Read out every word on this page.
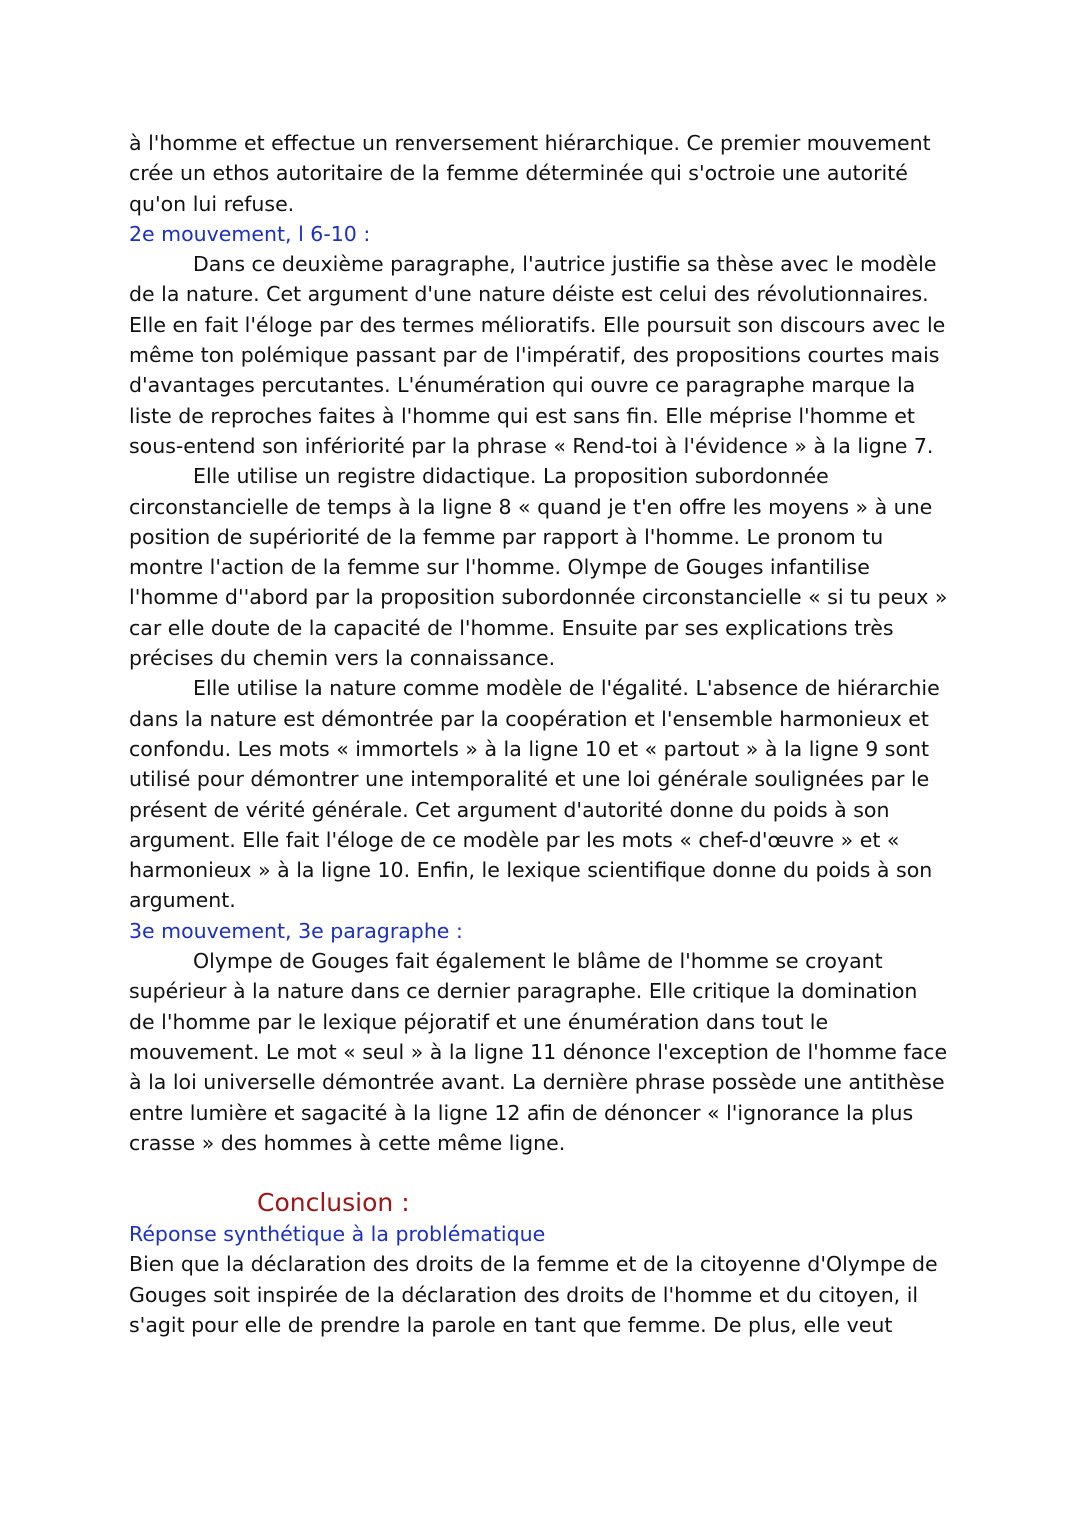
à l'homme et effectue un renversement hiérarchique. Ce premier mouvement crée un ethos autoritaire de la femme déterminée qui s'octroie une autorité qu'on lui refuse.

2e mouvement, l 6-10 :

Dans ce deuxième paragraphe, l'autrice justifie sa thèse avec le modèle de la nature. Cet argument d'une nature déiste est celui des révolutionnaires. Elle en fait l'éloge par des termes mélioratifs. Elle poursuit son discours avec le même ton polémique passant par de l'impératif, des propositions courtes mais d'avantages percutantes. L'énumération qui ouvre ce paragraphe marque la liste de reproches faites à l'homme qui est sans fin. Elle méprise l'homme et sous-entend son infériorité par la phrase « Rend-toi à l'évidence » à la ligne 7.

Elle utilise un registre didactique. La proposition subordonnée circonstancielle de temps à la ligne 8 « quand je t'en offre les moyens » à une position de supériorité de la femme par rapport à l'homme. Le pronom tu montre l'action de la femme sur l'homme. Olympe de Gouges infantilise l'homme d''abord par la proposition subordonnée circonstancielle « si tu peux » car elle doute de la capacité de l'homme. Ensuite par ses explications très précises du chemin vers la connaissance.

Elle utilise la nature comme modèle de l'égalité. L'absence de hiérarchie dans la nature est démontrée par la coopération et l'ensemble harmonieux et confondu. Les mots « immortels » à la ligne 10 et « partout » à la ligne 9 sont utilisé pour démontrer une intemporalité et une loi générale soulignées par le présent de vérité générale. Cet argument d'autorité donne du poids à son argument. Elle fait l'éloge de ce modèle par les mots « chef-d'œuvre » et « harmonieux » à la ligne 10. Enfin, le lexique scientifique donne du poids à son argument.

3e mouvement, 3e paragraphe :

Olympe de Gouges fait également le blâme de l'homme se croyant supérieur à la nature dans ce dernier paragraphe. Elle critique la domination de l'homme par le lexique péjoratif et une énumération dans tout le mouvement. Le mot « seul » à la ligne 11 dénonce l'exception de l'homme face à la loi universelle démontrée avant. La dernière phrase possède une antithèse entre lumière et sagacité à la ligne 12 afin de dénoncer « l'ignorance la plus crasse » des hommes à cette même ligne.

Conclusion :

Réponse synthétique à la problématique

Bien que la déclaration des droits de la femme et de la citoyenne d'Olympe de Gouges soit inspirée de la déclaration des droits de l'homme et du citoyen, il s'agit pour elle de prendre la parole en tant que femme. De plus, elle veut
